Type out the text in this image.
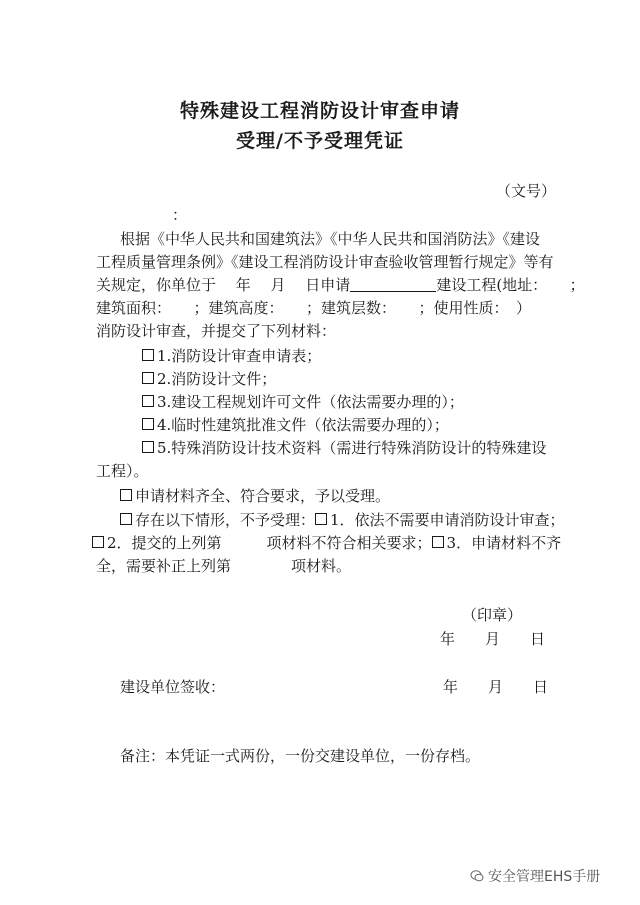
特殊建设工程消防设计审查申请
受理/不予受理凭证
（文号）
：
根据《中华人民共和国建筑法》《中华人民共和国消防法》《建设
工程质量管理条例》《建设工程消防设计审查验收管理暂行规定》等有
关规定，你单位于　 年　 月　 日申请	建设工程(地址：　　；
建筑面积：　　；建筑高度：　　；建筑层数：　　；使用性质：　）
消防设计审查，并提交了下列材料：
1.消防设计审查申请表；
2.消防设计文件；
3.建设工程规划许可文件（依法需要办理的）；
4.临时性建筑批准文件（依法需要办理的）；
5.特殊消防设计技术资料（需进行特殊消防设计的特殊建设
工程）。
申请材料齐全、符合要求，予以受理。
存在以下情形，不予受理： 1．依法不需要申请消防设计审查；
2．提交的上列第　　　项材料不符合相关要求； 3．申请材料不齐
全，需要补正上列第　　　　项材料。
（印章）
年　　月　　日
建设单位签收：	年　　月　　日
备注：本凭证一式两份，一份交建设单位，一份存档。
安全管理EHS手册
